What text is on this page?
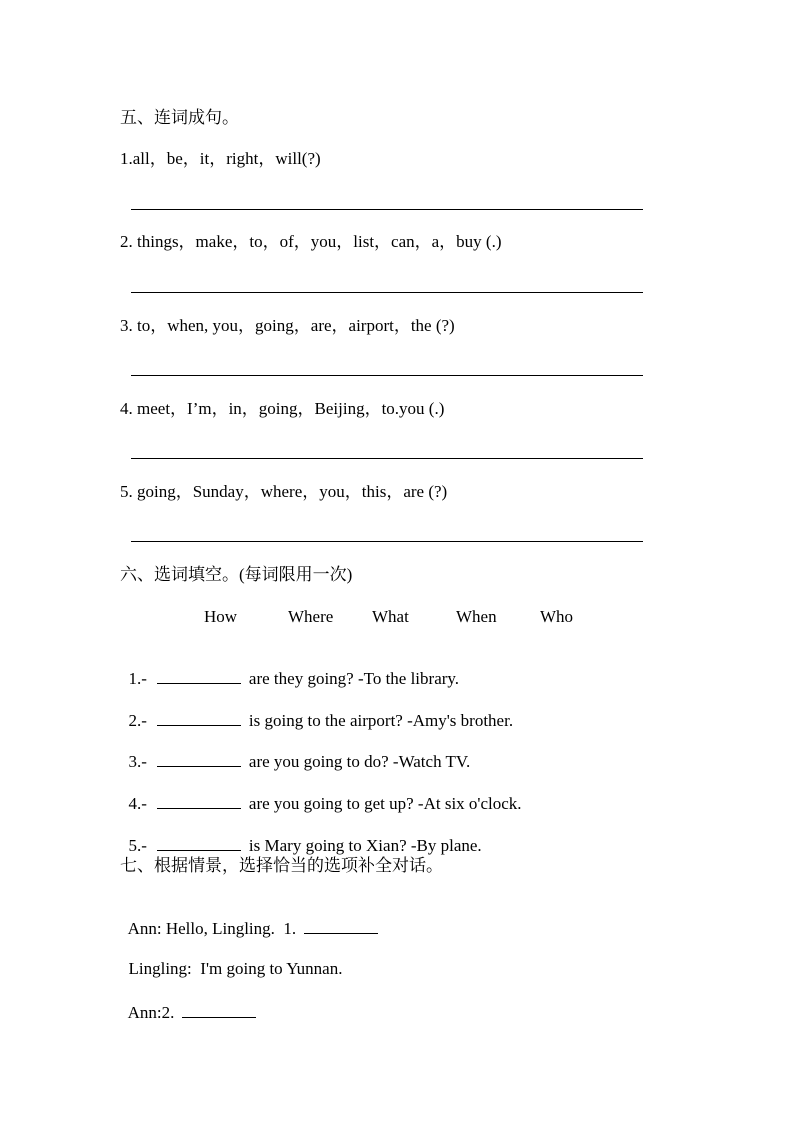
五、连词成句。
1.all，be，it，right，will(?)
2. things，make，to，of，you，list，can，a，buy (.)
3. to，when, you，going，are，airport，the (?)
4. meet，I’m，in，going，Beijing，to.you (.)
5. going，Sunday，where，you，this，are (?)
六、选词填空。(每词限用一次)
How	Where What	When	Who

1.-	are they going? -To the library.

2.-	is going to the airport? -Amy's brother.

3.-	are you going to do? -Watch TV.

4.-	are you going to get up? -At six o'clock.

5.-	is Mary going to Xian? -By plane.

七、根据情景，选择恰当的选项补全对话。

Ann: Hello, Lingling.  1.

Lingling:  I'm going to Yunnan.

Ann:2.
